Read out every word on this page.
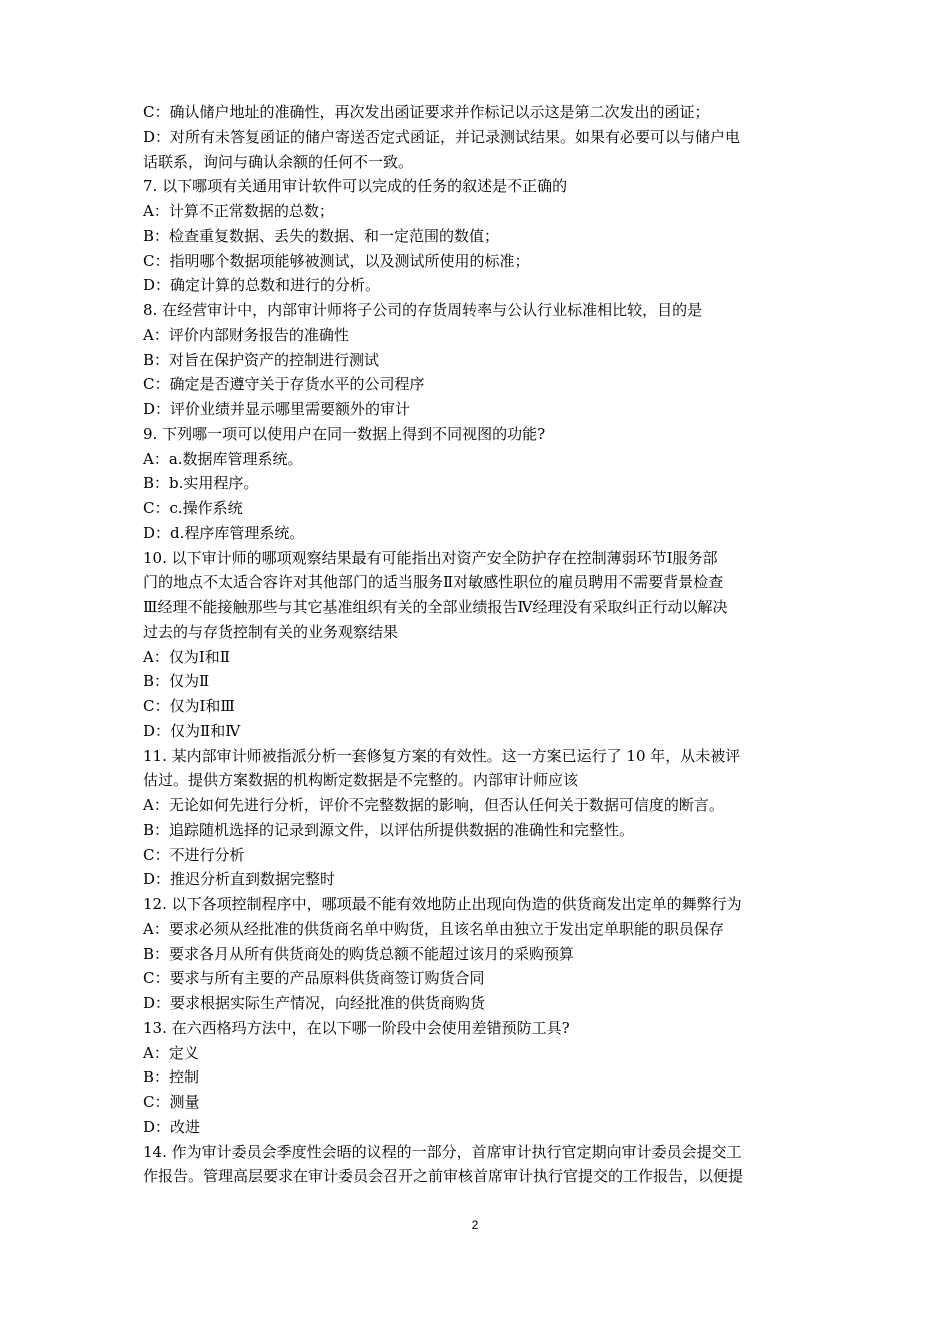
C：确认储户地址的准确性，再次发出函证要求并作标记以示这是第二次发出的函证；
D：对所有未答复函证的储户寄送否定式函证，并记录测试结果。如果有必要可以与储户电
话联系，询问与确认余额的任何不一致。
7. 以下哪项有关通用审计软件可以完成的任务的叙述是不正确的
A：计算不正常数据的总数；
B：检查重复数据、丢失的数据、和一定范围的数值；
C：指明哪个数据项能够被测试，以及测试所使用的标准；
D：确定计算的总数和进行的分析。
8. 在经营审计中，内部审计师将子公司的存货周转率与公认行业标准相比较，目的是
A：评价内部财务报告的准确性
B：对旨在保护资产的控制进行测试
C：确定是否遵守关于存货水平的公司程序
D：评价业绩并显示哪里需要额外的审计
9. 下列哪一项可以使用户在同一数据上得到不同视图的功能?
A：a.数据库管理系统。
B：b.实用程序。
C：c.操作系统
D：d.程序库管理系统。
10. 以下审计师的哪项观察结果最有可能指出对资产安全防护存在控制薄弱环节Ⅰ服务部
门的地点不太适合容许对其他部门的适当服务Ⅱ对敏感性职位的雇员聘用不需要背景检查
Ⅲ经理不能接触那些与其它基准组织有关的全部业绩报告Ⅳ经理没有采取纠正行动以解决
过去的与存货控制有关的业务观察结果
A：仅为Ⅰ和Ⅱ
B：仅为Ⅱ
C：仅为Ⅰ和Ⅲ
D：仅为Ⅱ和Ⅳ
11. 某内部审计师被指派分析一套修复方案的有效性。这一方案已运行了 10 年，从未被评
估过。提供方案数据的机构断定数据是不完整的。内部审计师应该
A：无论如何先进行分析，评价不完整数据的影响，但否认任何关于数据可信度的断言。
B：追踪随机选择的记录到源文件，以评估所提供数据的准确性和完整性。
C：不进行分析
D：推迟分析直到数据完整时
12. 以下各项控制程序中，哪项最不能有效地防止出现向伪造的供货商发出定单的舞弊行为
A：要求必须从经批准的供货商名单中购货，且该名单由独立于发出定单职能的职员保存
B：要求各月从所有供货商处的购货总额不能超过该月的采购预算
C：要求与所有主要的产品原料供货商签订购货合同
D：要求根据实际生产情况，向经批准的供货商购货
13. 在六西格玛方法中，在以下哪一阶段中会使用差错预防工具?
A：定义
B：控制
C：测量
D：改进
14. 作为审计委员会季度性会晤的议程的一部分，首席审计执行官定期向审计委员会提交工
作报告。管理高层要求在审计委员会召开之前审核首席审计执行官提交的工作报告，以便提
2
